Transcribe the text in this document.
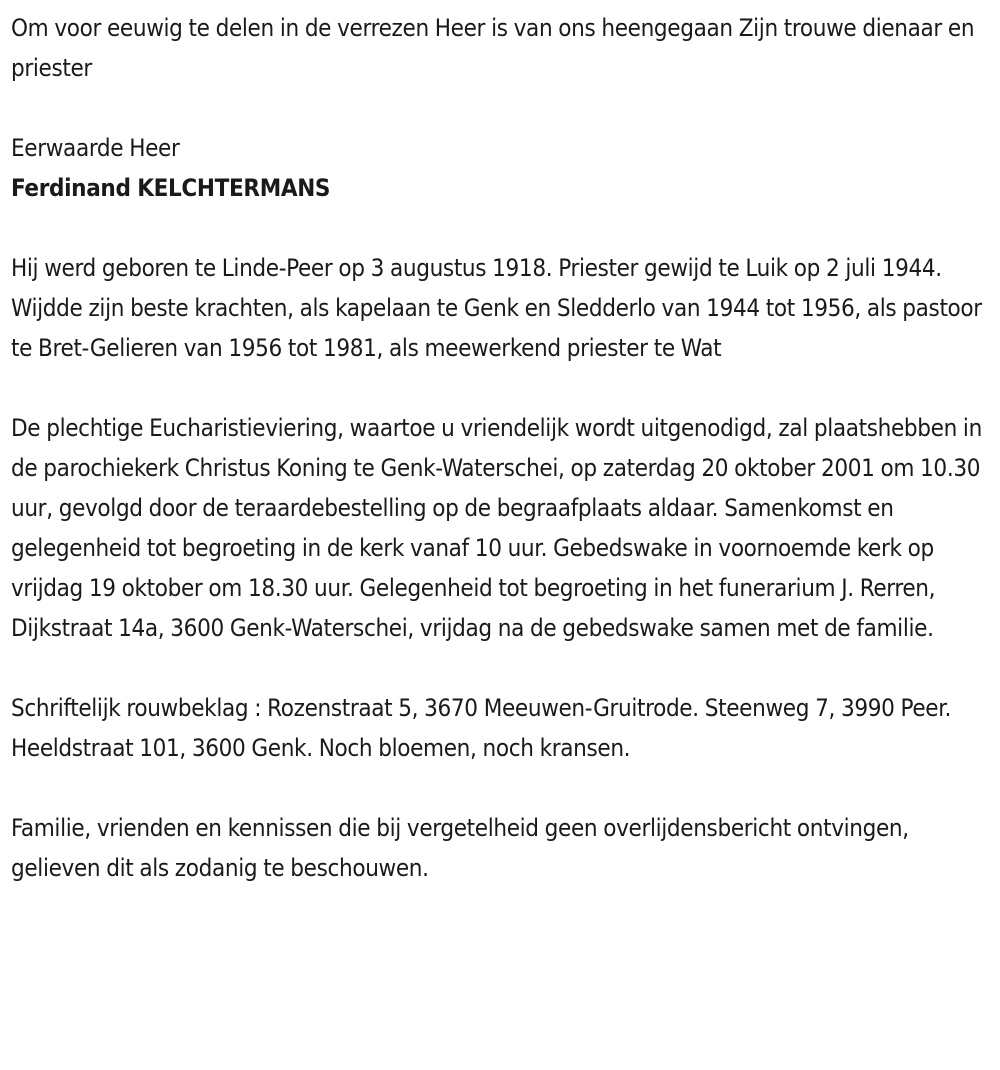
Om voor eeuwig te delen in de verrezen Heer is van ons heengegaan Zijn trouwe dienaar en priester

Eerwaarde Heer

Ferdinand KELCHTERMANS

Hij werd geboren te Linde-Peer op 3 augustus 1918. Priester gewijd te Luik op 2 juli 1944. Wijdde zijn beste krachten, als kapelaan te Genk en Sledderlo van 1944 tot 1956, als pastoor te Bret-Gelieren van 1956 tot 1981, als meewerkend priester te Wat

De plechtige Eucharistieviering, waartoe u vriendelijk wordt uitgenodigd, zal plaatshebben in de parochiekerk Christus Koning te Genk-Waterschei, op zaterdag 20 oktober 2001 om 10.30 uur, gevolgd door de teraardebestelling op de begraafplaats aldaar. Samenkomst en gelegenheid tot begroeting in de kerk vanaf 10 uur. Gebedswake in voornoemde kerk op vrijdag 19 oktober om 18.30 uur. Gelegenheid tot begroeting in het funerarium J. Rerren, Dijkstraat 14a, 3600 Genk-Waterschei, vrijdag na de gebedswake samen met de familie.

Schriftelijk rouwbeklag : Rozenstraat 5, 3670 Meeuwen-Gruitrode. Steenweg 7, 3990 Peer. Heeldstraat 101, 3600 Genk. Noch bloemen, noch kransen.

Familie, vrienden en kennissen die bij vergetelheid geen overlijdensbericht ontvingen, gelieven dit als zodanig te beschouwen.
